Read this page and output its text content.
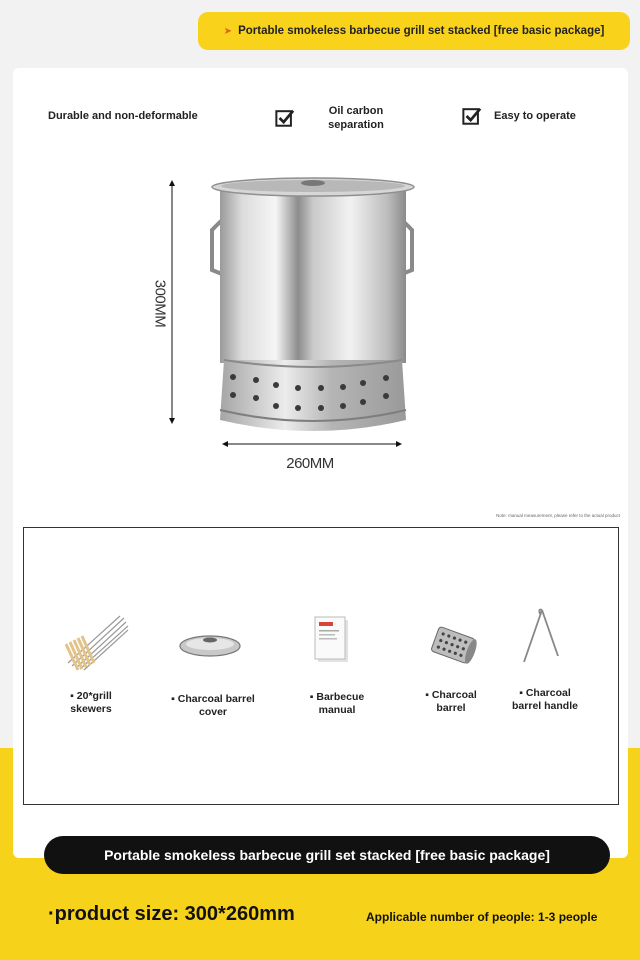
➤ Portable smokeless barbecue grill set stacked [free basic package]
Durable and non-deformable	Oil carbon
separation
Easy to operate
300MM
260MM
Note: manual measurement, please refer to the actual product
▪ 20*grill
skewers
▪ Charcoal barrel
cover
▪ Barbecue
manual
▪ Charcoal
barrel
▪ Charcoal
barrel handle
Portable smokeless barbecue grill set stacked [free basic package]
·product size: 300*260mm	Applicable number of people: 1-3 people
